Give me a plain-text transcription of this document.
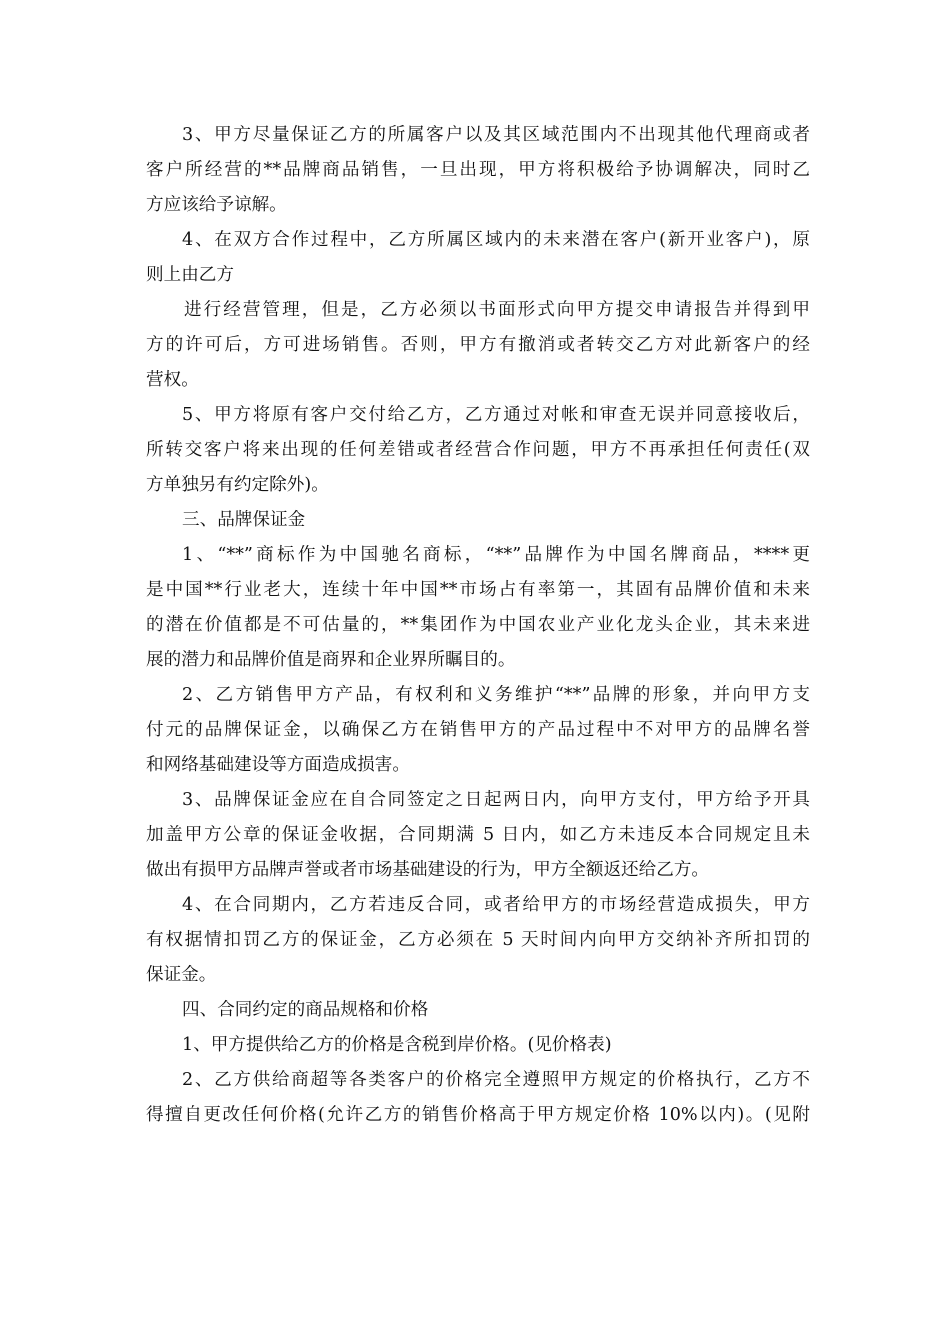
3、甲方尽量保证乙方的所属客户以及其区域范围内不出现其他代理商或者
客户所经营的**品牌商品销售，一旦出现，甲方将积极给予协调解决，同时乙
方应该给予谅解。
4、在双方合作过程中，乙方所属区域内的未来潜在客户(新开业客户)，原
则上由乙方
进行经营管理，但是，乙方必须以书面形式向甲方提交申请报告并得到甲
方的许可后，方可进场销售。否则，甲方有撤消或者转交乙方对此新客户的经
营权。
5、甲方将原有客户交付给乙方，乙方通过对帐和审查无误并同意接收后，
所转交客户将来出现的任何差错或者经营合作问题，甲方不再承担任何责任(双
方单独另有约定除外)。
三、品牌保证金
1、“**”商标作为中国驰名商标，“**”品牌作为中国名牌商品，****更
是中国**行业老大，连续十年中国**市场占有率第一，其固有品牌价值和未来
的潜在价值都是不可估量的，**集团作为中国农业产业化龙头企业，其未来进
展的潜力和品牌价值是商界和企业界所瞩目的。
2、乙方销售甲方产品，有权利和义务维护“**”品牌的形象，并向甲方支
付元的品牌保证金，以确保乙方在销售甲方的产品过程中不对甲方的品牌名誉
和网络基础建设等方面造成损害。
3、品牌保证金应在自合同签定之日起两日内，向甲方支付，甲方给予开具
加盖甲方公章的保证金收据，合同期满 5 日内，如乙方未违反本合同规定且未
做出有损甲方品牌声誉或者市场基础建设的行为，甲方全额返还给乙方。
4、在合同期内，乙方若违反合同，或者给甲方的市场经营造成损失，甲方
有权据情扣罚乙方的保证金，乙方必须在 5 天时间内向甲方交纳补齐所扣罚的
保证金。
四、合同约定的商品规格和价格
1、甲方提供给乙方的价格是含税到岸价格。(见价格表)
2、乙方供给商超等各类客户的价格完全遵照甲方规定的价格执行，乙方不
得擅自更改任何价格(允许乙方的销售价格高于甲方规定价格 10%以内)。(见附
